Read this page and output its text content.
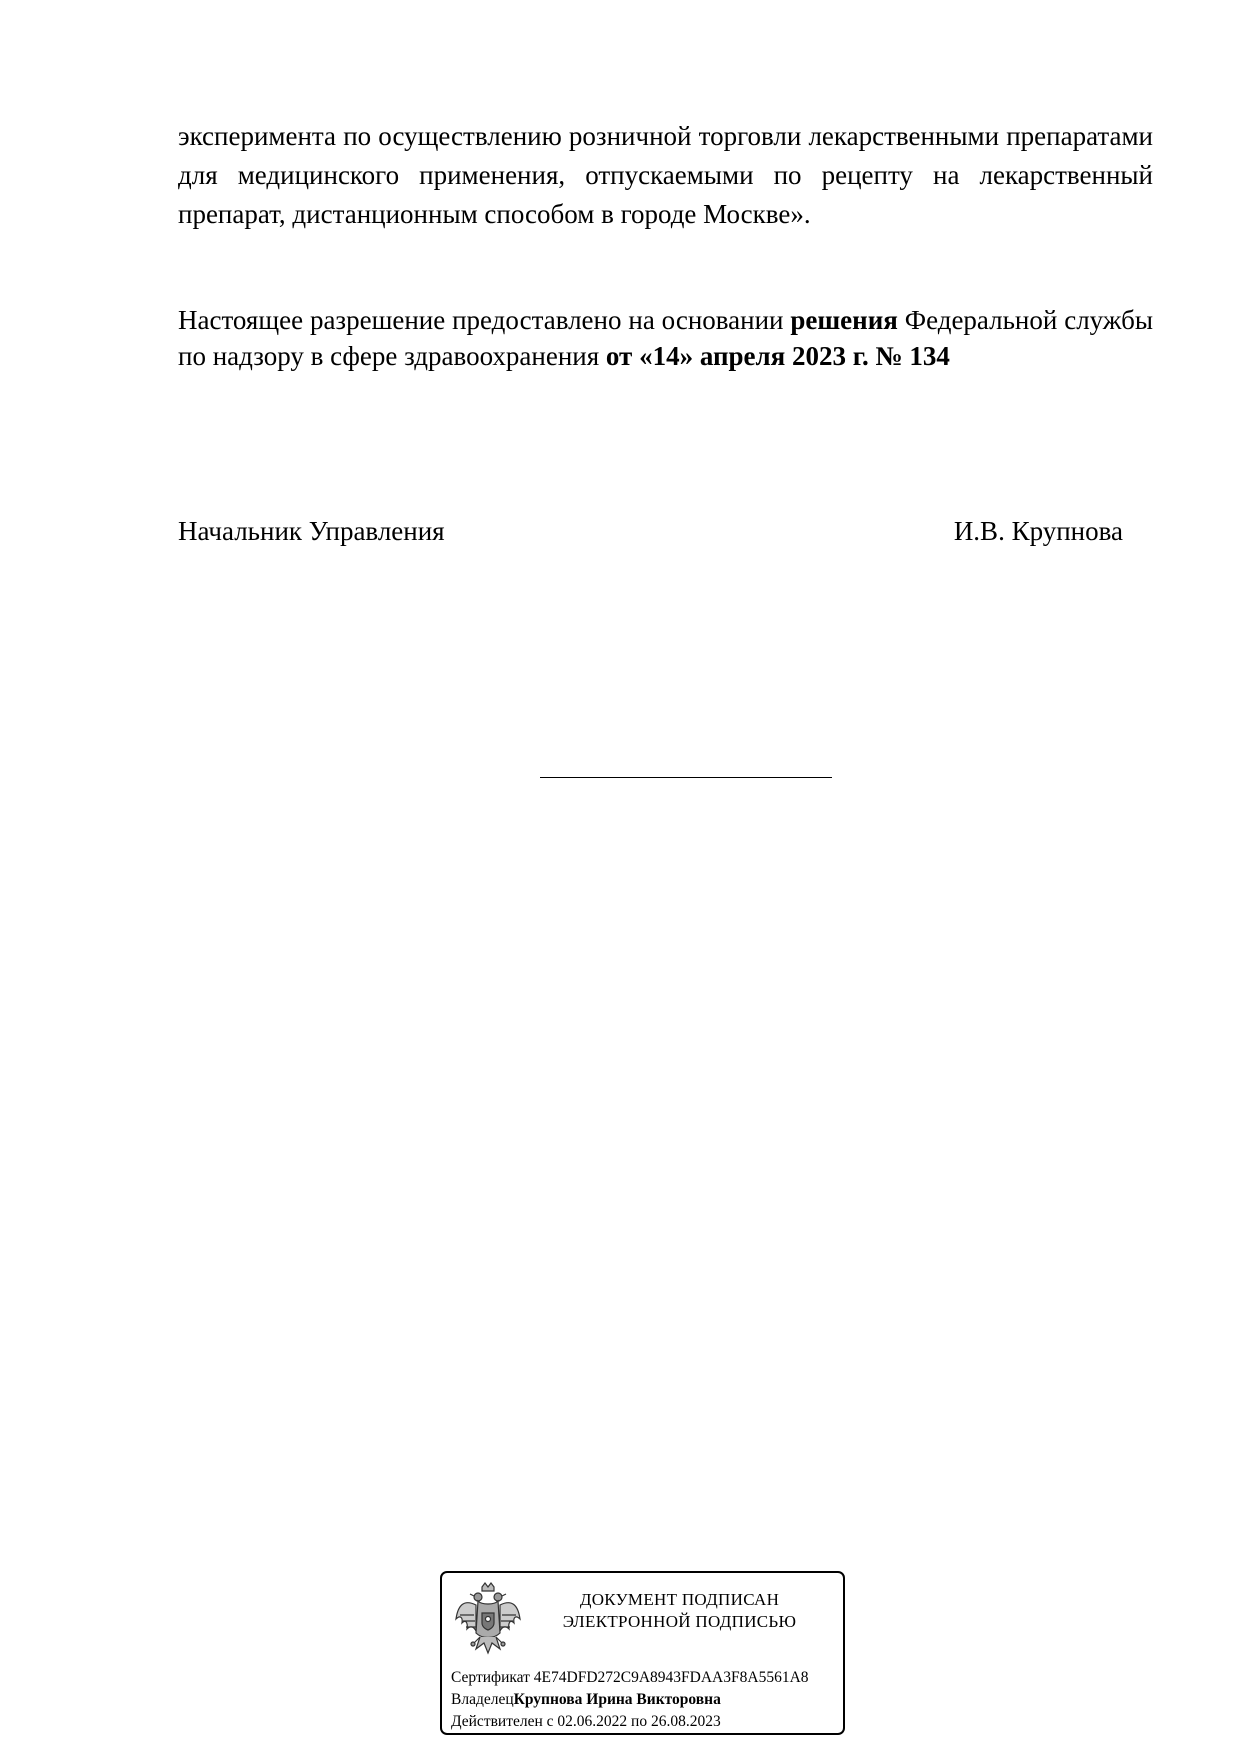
эксперимента по осуществлению розничной торговли лекарственными препаратами для медицинского применения, отпускаемыми по рецепту на лекарственный препарат, дистанционным способом в городе Москве».

Настоящее разрешение предоставлено на основании решения Федеральной службы по надзору в сфере здравоохранения от «14» апреля 2023 г. № 134

Начальник Управления	И.В. Крупнова
ДОКУМЕНТ ПОДПИСАН
ЭЛЕКТРОННОЙ ПОДПИСЬЮ
Сертификат 4E74DFD272C9A8943FDAA3F8A5561A8
ВладелецКрупнова Ирина Викторовна
Действителен с 02.06.2022 по 26.08.2023
